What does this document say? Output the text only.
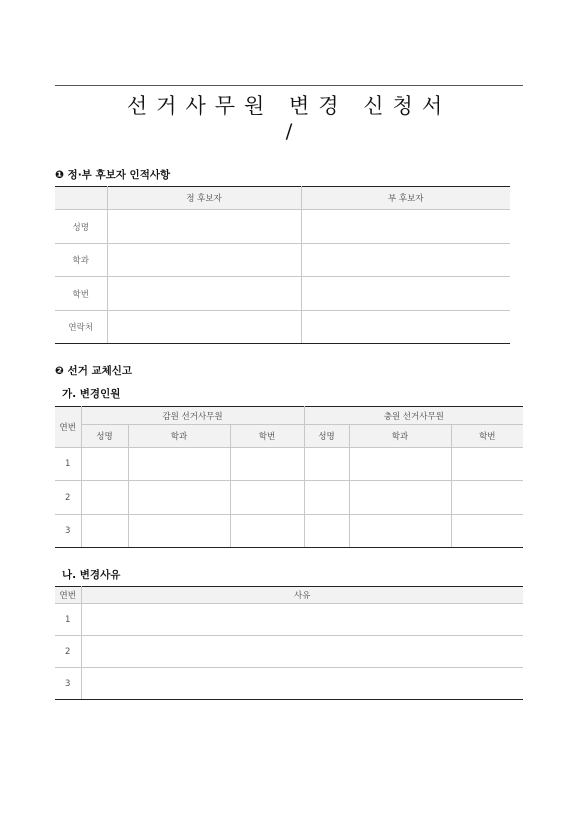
선거사무원 변경 신청서
/
❶ 정·부 후보자 인적사항
	정 후보자	부 후보자
성명		
학과		
학번		
연락처		
❷ 선거 교체신고
가. 변경인원
연번	감원 선거사무원			충원 선거사무원		
	성명	학과	학번	성명	학과	학번
1						
2						
3						
나. 변경사유
연번	사유
1	
2	
3	
